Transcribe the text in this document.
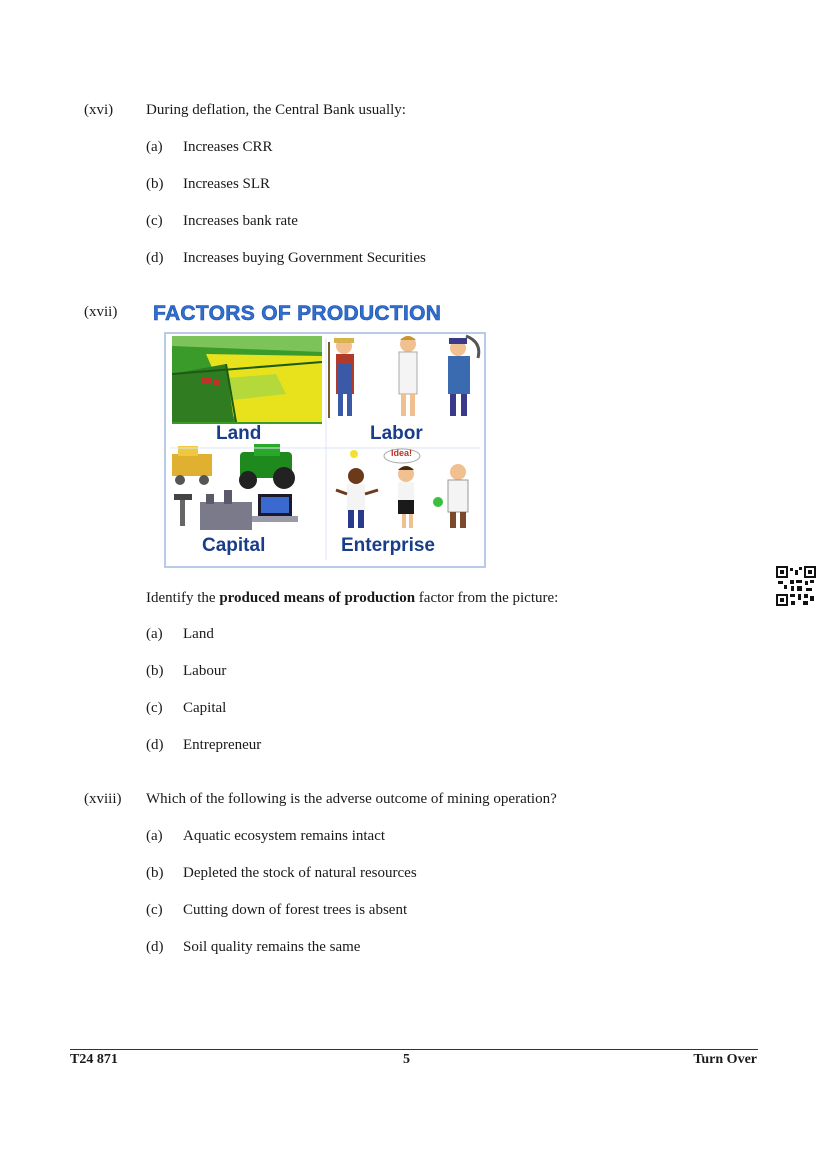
(xvi) During deflation, the Central Bank usually:
(a) Increases CRR
(b) Increases SLR
(c) Increases bank rate
(d) Increases buying Government Securities
(xvii) FACTORS OF PRODUCTION
Land	Labor
Capital	Enterprise
Idea!
Identify the produced means of production factor from the picture:
(a) Land
(b) Labour
(c) Capital
(d) Entrepreneur
(xviii) Which of the following is the adverse outcome of mining operation?
(a) Aquatic ecosystem remains intact
(b) Depleted the stock of natural resources
(c) Cutting down of forest trees is absent
(d) Soil quality remains the same
T24 871	5	Turn Over
